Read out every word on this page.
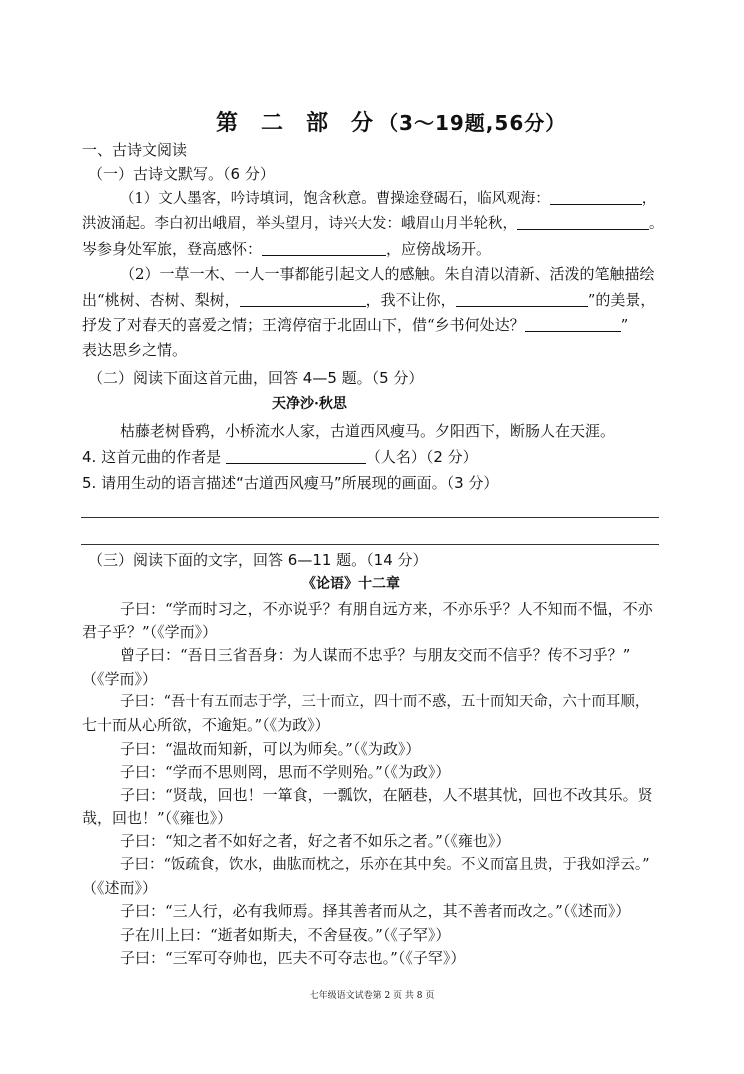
第 二 部 分 （3～19题,56分）
一、古诗文阅读
（一）古诗文默写。（6 分）
（1）文人墨客，吟诗填词，饱含秋意。曹操途登碣石，临风观海：	，
洪波涌起。李白初出峨眉，举头望月，诗兴大发：峨眉山月半轮秋，	。
岑参身处军旅，登高感怀：	，应傍战场开。
（2）一草一木、一人一事都能引起文人的感触。朱自清以清新、活泼的笔触描绘
出“桃树、杏树、梨树，	，我不让你，	”的美景，
抒发了对春天的喜爱之情；王湾停宿于北固山下，借“乡书何处达？	”
表达思乡之情。
（二）阅读下面这首元曲，回答 4—5 题。（5 分）
天净沙·秋思
枯藤老树昏鸦，小桥流水人家，古道西风瘦马。夕阳西下，断肠人在天涯。
4. 这首元曲的作者是	（人名）（2 分）
5. 请用生动的语言描述“古道西风瘦马”所展现的画面。（3 分）
（三）阅读下面的文字，回答 6—11 题。（14 分）
《论语》十二章
子曰：“学而时习之，不亦说乎？有朋自远方来，不亦乐乎？人不知而不愠，不亦
君子乎？”（《学而》）
曾子曰：“吾日三省吾身：为人谋而不忠乎？与朋友交而不信乎？传不习乎？”
（《学而》）
子曰：“吾十有五而志于学，三十而立，四十而不惑，五十而知天命，六十而耳顺，
七十而从心所欲，不逾矩。”（《为政》）
子曰：“温故而知新，可以为师矣。”（《为政》）
子曰：“学而不思则罔，思而不学则殆。”（《为政》）
子曰：“贤哉，回也！一箪食，一瓢饮，在陋巷，人不堪其忧，回也不改其乐。贤
哉，回也！”（《雍也》）
子曰：“知之者不如好之者，好之者不如乐之者。”（《雍也》）
子曰：“饭疏食，饮水，曲肱而枕之，乐亦在其中矣。不义而富且贵，于我如浮云。”
（《述而》）
子曰：“三人行，必有我师焉。择其善者而从之，其不善者而改之。”（《述而》）
子在川上曰：“逝者如斯夫，不舍昼夜。”（《子罕》）
子曰：“三军可夺帅也，匹夫不可夺志也。”（《子罕》）
七年级语文试卷第 2 页 共 8 页
